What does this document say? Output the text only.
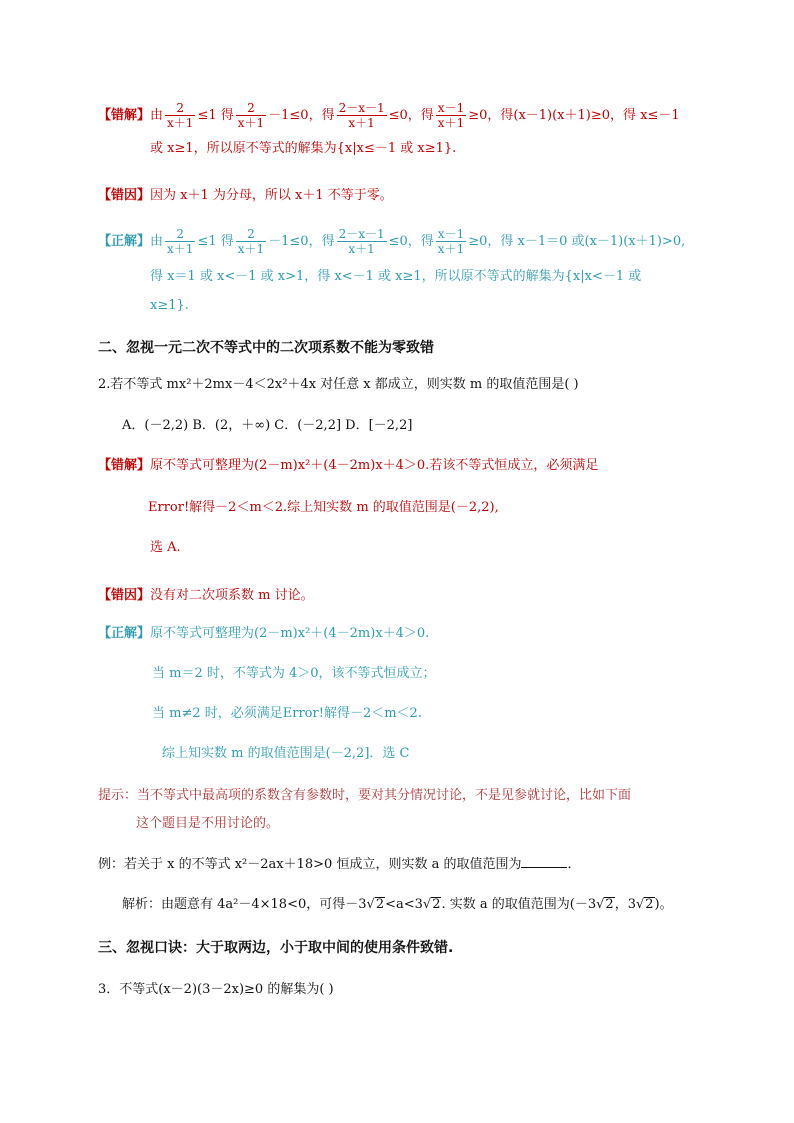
【错解】由 $\frac{2}{x+1} \le 1$ 得 $\frac{2}{x+1} -1\le 0$，得 $\frac{2-x-1}{x+1} \le 0$，得 $\frac{x-1}{x+1} \ge 0$，得(x－1)(x＋1)≥0，得 x≤－1
或 x≥1，所以原不等式的解集为{x|x≤－1 或 x≥1}.
【错因】因为 x＋1 为分母，所以 x＋1 不等于零。
【正解】由 $\frac{2}{x+1} \le 1$ 得 $\frac{2}{x+1} -1\le 0$，得 $\frac{2-x-1}{x+1} \le 0$，得 $\frac{x-1}{x+1} \ge 0$，得 x－1＝0 或(x－1)(x＋1)>0,
得 x＝1 或 x<－1 或 x>1，得 x<－1 或 x≥1，所以原不等式的解集为{x|x<－1 或
x≥1}.
二、忽视一元二次不等式中的二次项系数不能为零致错
2.若不等式 mx²＋2mx－4＜2x²＋4x 对任意 x 都成立，则实数 m 的取值范围是( )
A．(－2,2) B．(2，＋∞) C．(－2,2] D．[－2,2]
【错解】原不等式可整理为(2－m)x²＋(4－2m)x＋4＞0.若该不等式恒成立，必须满足
Error!解得－2＜m＜2.综上知实数 m 的取值范围是(－2,2),
选 A.
【错因】没有对二次项系数 m 讨论。
【正解】原不等式可整理为(2－m)x²＋(4－2m)x＋4＞0.
当 m＝2 时，不等式为 4＞0，该不等式恒成立；
当 m≠2 时，必须满足Error!解得－2＜m＜2.
综上知实数 m 的取值范围是(－2,2]．选 C
提示：当不等式中最高项的系数含有参数时，要对其分情况讨论，不是见参就讨论，比如下面
这个题目是不用讨论的。
例：若关于 x 的不等式 x²－2ax＋18>0 恒成立，则实数 a 的取值范围为	．
解析：由题意有 4a²－4×18<0，可得－3√2<a<3√2. 实数 a 的取值范围为(－3√2，3√2)。
三、忽视口诀：大于取两边，小于取中间的使用条件致错.
3．不等式(x－2)(3－2x)≥0 的解集为( )
